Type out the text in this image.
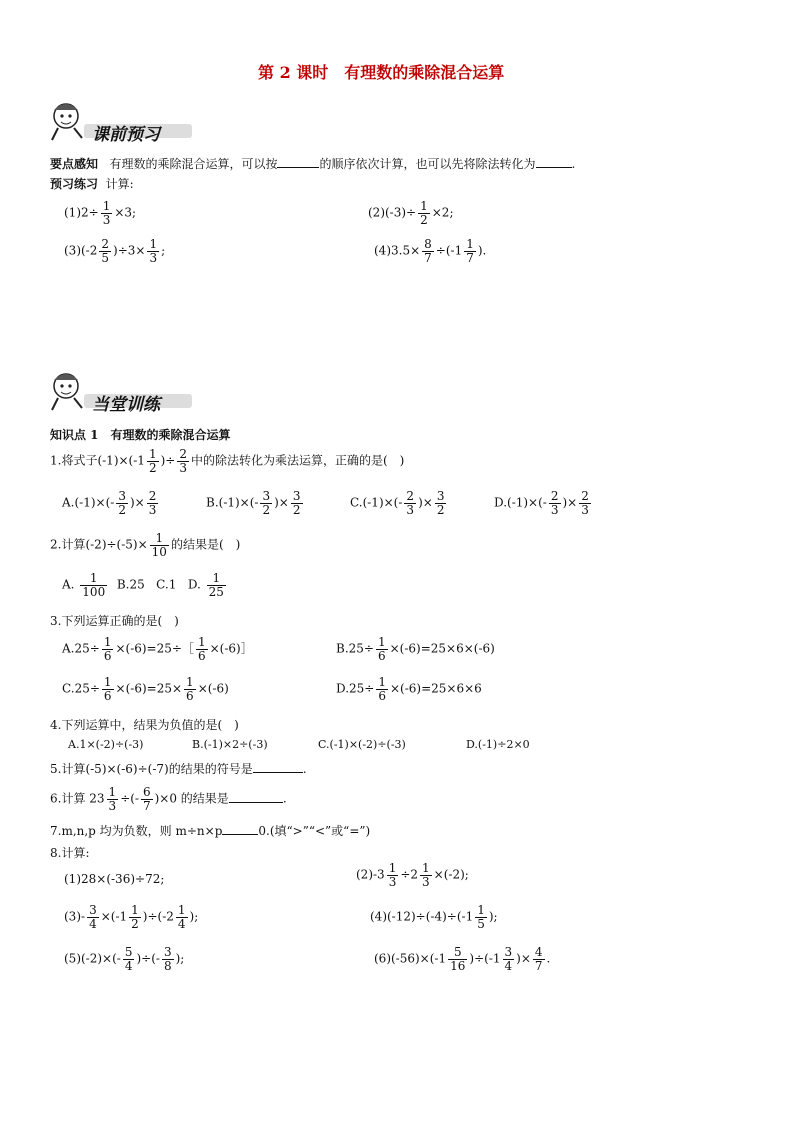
第 2 课时　有理数的乘除混合运算
课前预习
要点感知 有理数的乘除混合运算，可以按	的顺序依次计算，也可以先将除法转化为	.
预习练习 计算:
$(1)2\div \frac{1}{3} \times 3$;	$(2)(-3)\div \frac{1}{2} \times 2$;
$(3)(-2 \frac{2}{5} )\div 3\times \frac{1}{3}$ ;	$(4)3.5\times \frac{8}{7} \div(-1 \frac{1}{7}$ ).
当堂训练
知识点 1　有理数的乘除混合运算
1.将式子$(-1)\times(-1 \frac{1}{2}$ )÷ $\frac{2}{3}$ 中的除法转化为乘法运算，正确的是(　)
$A.(-1)\times(- \frac{3}{2}$ )× $\frac{2}{3}$	$B.(-1)\times(- \frac{3}{2}$ )× $\frac{3}{2}$	$C.(-1)\times(- \frac{2}{3}$ )× $\frac{3}{2}$	$D.(-1)\times(- \frac{2}{3}$ )× $\frac{2}{3}$
2.计算$(-2)\div(-5)\times \frac{1}{10}$ 的结果是(　)
A. $\frac{1}{100} B.25$   C.1   D. $\frac{1}{25}$
3.下列运算正确的是(　)
$A.25\div \frac{1}{6}$ ×(-6)=25÷［ $\frac{1}{6}$ ×(-6)］	$B.25\div \frac{1}{6} \times(-6)=25\times 6\times(-6)$
$C.25\div \frac{1}{6} \times(-6)=25\times \frac{1}{6} \times(-6)$	$D.25\div \frac{1}{6} \times(-6)=25\times 6\times 6$
4.下列运算中，结果为负值的是(　)
A.1×(-2)÷(-3)	B.(-1)×2÷(-3)	C.(-1)×(-2)÷(-3)	D.(-1)÷2×0
5.计算(-5)×(-6)÷(-7)的结果的符号是	.
6.计算 $23 \frac{1}{3}$ ÷(- $\frac{6}{7} )\times 0$ 的结果是	.
7.m,n,p 均为负数，则 m÷n×p	0.(填“>”“<”或“=”)
8.计算:
(1)28×(-36)÷72;	$(2)-3 \frac{1}{3} \div 2 \frac{1}{3} \times(-2)$;
$(3)- \frac{3}{4} \times(-1 \frac{1}{2} )\div(-2 \frac{1}{4}$ );	$(4)(-12)\div(-4)\div(-1 \frac{1}{5}$ );
$(5)(-2)\times(- \frac{5}{4}$ )÷(- $\frac{3}{8}$ );	$(6)(-56)\times(-1 \frac{5}{16} )\div(-1 \frac{3}{4}$ )× $\frac{4}{7}$ .
